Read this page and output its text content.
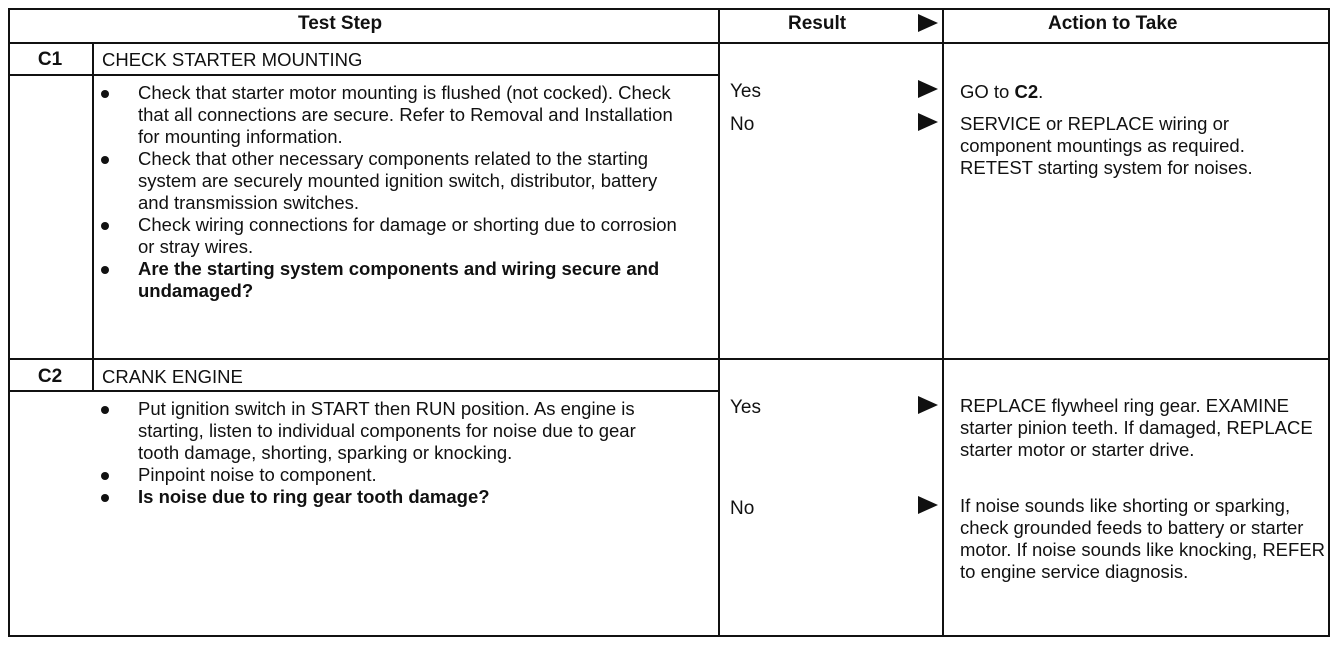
Test Step	Result	Action to Take
C1	CHECK STARTER MOUNTING
Check that starter motor mounting is flushed (not cocked). Check that all connections are secure. Refer to Removal and Installation for mounting information.
Check that other necessary components related to the starting system are securely mounted ignition switch, distributor, battery and transmission switches.
Check wiring connections for damage or shorting due to corrosion or stray wires.
Are the starting system components and wiring secure and undamaged?
Yes	GO to C2.
No	SERVICE or REPLACE wiring or component mountings as required. RETEST starting system for noises.
C2	CRANK ENGINE
Put ignition switch in START then RUN position. As engine is starting, listen to individual components for noise due to gear tooth damage, shorting, sparking or knocking.
Pinpoint noise to component.
Is noise due to ring gear tooth damage?
Yes	REPLACE flywheel ring gear. EXAMINE starter pinion teeth. If damaged, REPLACE starter motor or starter drive.
No	If noise sounds like shorting or sparking, check grounded feeds to battery or starter motor. If noise sounds like knocking, REFER to engine service diagnosis.
